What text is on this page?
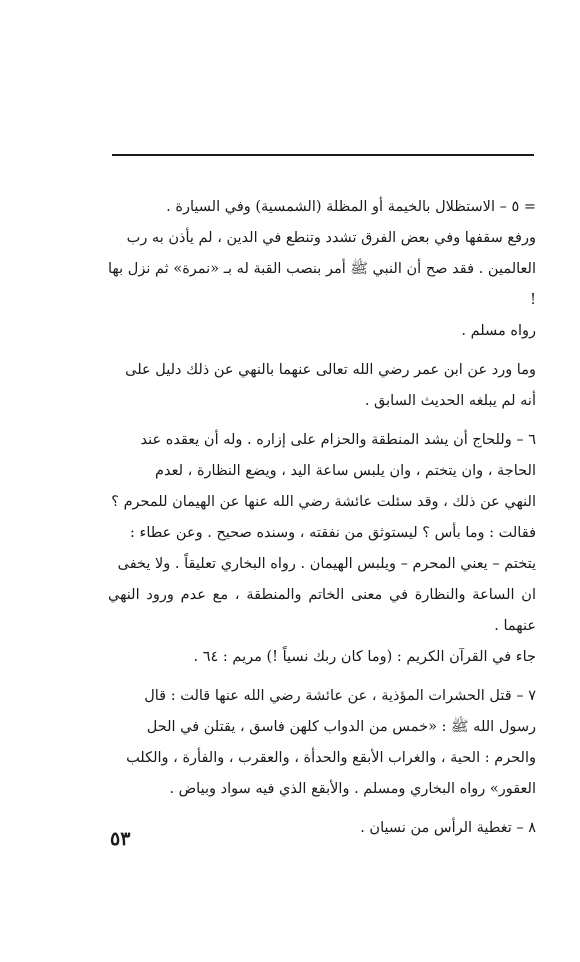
= ٥ – الاستظلال بالخيمة أو المظلة (الشمسية) وفي السيارة .

ورفع سقفها وفي بعض الفرق تشدد وتنطع في الدين ، لم يأذن به رب

العالمين . فقد صح أن النبي ﷺ أمر بنصب القبة له بـ «نمرة» ثم نزل بها !

رواه مسلم .

وما ورد عن ابن عمر رضي الله تعالى عنهما بالنهي عن ذلك دليل على

أنه لم يبلغه الحديث السابق .

٦ – وللحاج أن يشد المنطقة والحزام على إزاره . وله أن يعقده عند

الحاجة ، وان يتختم ، وان يلبس ساعة اليد ، ويضع النظارة ، لعدم

النهي عن ذلك ، وقد سئلت عائشة رضي الله عنها عن الهيمان للمحرم ؟

فقالت : وما بأس ؟ ليستوثق من نفقته ، وسنده صحيح . وعن عطاء :

يتختم – يعني المحرم – ويلبس الهيمان . رواه البخاري تعليقاً . ولا يخفى

ان الساعة والنظارة في معنى الخاتم والمنطقة ، مع عدم ورود النهي عنهما .

جاء في القرآن الكريم : (وما كان ربك نسياً !) مريم : ٦٤ .

٧ – قتل الحشرات المؤذية ، عن عائشة رضي الله عنها قالت : قال

رسول الله ﷺ : «خمس من الدواب كلهن فاسق ، يقتلن في الحل

والحرم : الحية ، والغراب الأبقع والحدأة ، والعقرب ، والفأرة ، والكلب

العقور» رواه البخاري ومسلم . والأبقع الذي فيه سواد وبياض .

٨ – تغطية الرأس من نسيان .

٥٣
